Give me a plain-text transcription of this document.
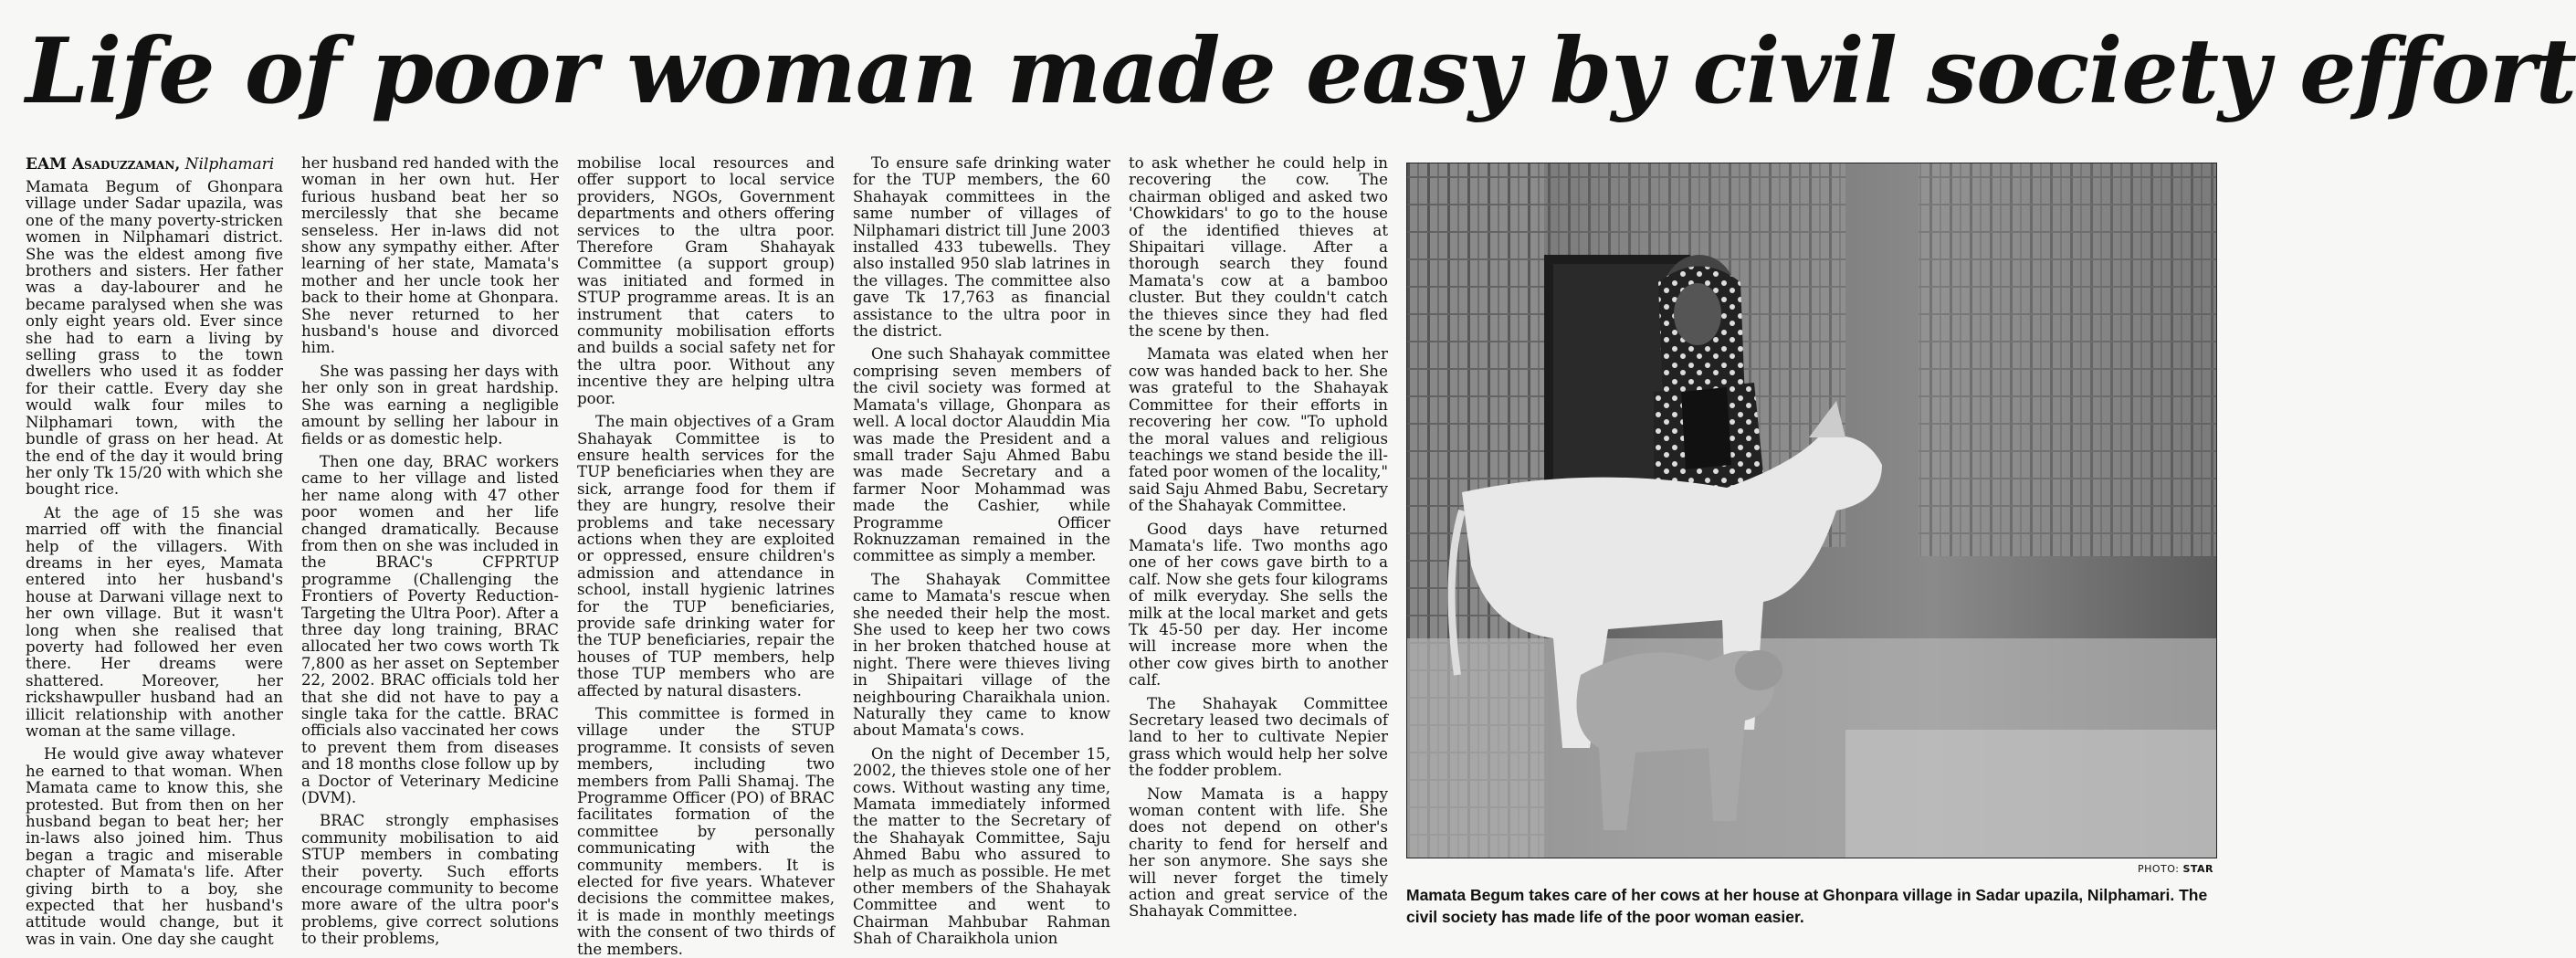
Life of poor woman made easy by civil society effort
EAM Asaduzzaman, Nilphamari

Mamata Begum of Ghonpara village under Sadar upazila, was one of the many poverty-stricken women in Nilphamari district. She was the eldest among five brothers and sisters. Her father was a day-labourer and he became paralysed when she was only eight years old. Ever since she had to earn a living by selling grass to the town dwellers who used it as fodder for their cattle. Every day she would walk four miles to Nilphamari town, with the bundle of grass on her head. At the end of the day it would bring her only Tk 15/20 with which she bought rice.

At the age of 15 she was married off with the financial help of the villagers. With dreams in her eyes, Mamata entered into her husband's house at Darwani village next to her own village. But it wasn't long when she realised that poverty had followed her even there. Her dreams were shattered. Moreover, her rickshawpuller husband had an illicit relationship with another woman at the same village.

He would give away whatever he earned to that woman. When Mamata came to know this, she protested. But from then on her husband began to beat her; her in-laws also joined him. Thus began a tragic and miserable chapter of Mamata's life. After giving birth to a boy, she expected that her husband's attitude would change, but it was in vain. One day she caught

her husband red handed with the woman in her own hut. Her furious husband beat her so mercilessly that she became senseless. Her in-laws did not show any sympathy either. After learning of her state, Mamata's mother and her uncle took her back to their home at Ghonpara. She never returned to her husband's house and divorced him.

She was passing her days with her only son in great hardship. She was earning a negligible amount by selling her labour in fields or as domestic help.

Then one day, BRAC workers came to her village and listed her name along with 47 other poor women and her life changed dramatically. Because from then on she was included in the BRAC's CFPRTUP programme (Challenging the Frontiers of Poverty Reduction-Targeting the Ultra Poor). After a three day long training, BRAC allocated her two cows worth Tk 7,800 as her asset on September 22, 2002. BRAC officials told her that she did not have to pay a single taka for the cattle. BRAC officials also vaccinated her cows to prevent them from diseases and 18 months close follow up by a Doctor of Veterinary Medicine (DVM).

BRAC strongly emphasises community mobilisation to aid STUP members in combating their poverty. Such efforts encourage community to become more aware of the ultra poor's problems, give correct solutions to their problems,

mobilise local resources and offer support to local service providers, NGOs, Government departments and others offering services to the ultra poor. Therefore Gram Shahayak Committee (a support group) was initiated and formed in STUP programme areas. It is an instrument that caters to community mobilisation efforts and builds a social safety net for the ultra poor. Without any incentive they are helping ultra poor.

The main objectives of a Gram Shahayak Committee is to ensure health services for the TUP beneficiaries when they are sick, arrange food for them if they are hungry, resolve their problems and take necessary actions when they are exploited or oppressed, ensure children's admission and attendance in school, install hygienic latrines for the TUP beneficiaries, provide safe drinking water for the TUP beneficiaries, repair the houses of TUP members, help those TUP members who are affected by natural disasters.

This committee is formed in village under the STUP programme. It consists of seven members, including two members from Palli Shamaj. The Programme Officer (PO) of BRAC facilitates formation of the committee by personally communicating with the community members. It is elected for five years. Whatever decisions the committee makes, it is made in monthly meetings with the consent of two thirds of the members.

To ensure safe drinking water for the TUP members, the 60 Shahayak committees in the same number of villages of Nilphamari district till June 2003 installed 433 tubewells. They also installed 950 slab latrines in the villages. The committee also gave Tk 17,763 as financial assistance to the ultra poor in the district.

One such Shahayak committee comprising seven members of the civil society was formed at Mamata's village, Ghonpara as well. A local doctor Alauddin Mia was made the President and a small trader Saju Ahmed Babu was made Secretary and a farmer Noor Mohammad was made the Cashier, while Programme Officer Roknuzzaman remained in the committee as simply a member.

The Shahayak Committee came to Mamata's rescue when she needed their help the most. She used to keep her two cows in her broken thatched house at night. There were thieves living in Shipaitari village of the neighbouring Charaikhala union. Naturally they came to know about Mamata's cows.

On the night of December 15, 2002, the thieves stole one of her cows. Without wasting any time, Mamata immediately informed the matter to the Secretary of the Shahayak Committee, Saju Ahmed Babu who assured to help as much as possible. He met other members of the Shahayak Committee and went to Chairman Mahbubar Rahman Shah of Charaikhola union

to ask whether he could help in recovering the cow. The chairman obliged and asked two 'Chowkidars' to go to the house of the identified thieves at Shipaitari village. After a thorough search they found Mamata's cow at a bamboo cluster. But they couldn't catch the thieves since they had fled the scene by then.

Mamata was elated when her cow was handed back to her. She was grateful to the Shahayak Committee for their efforts in recovering her cow. "To uphold the moral values and religious teachings we stand beside the ill-fated poor women of the locality," said Saju Ahmed Babu, Secretary of the Shahayak Committee.

Good days have returned Mamata's life. Two months ago one of her cows gave birth to a calf. Now she gets four kilograms of milk everyday. She sells the milk at the local market and gets Tk 45-50 per day. Her income will increase more when the other cow gives birth to another calf.

The Shahayak Committee Secretary leased two decimals of land to her to cultivate Nepier grass which would help her solve the fodder problem.

Now Mamata is a happy woman content with life. She does not depend on other's charity to fend for herself and her son anymore. She says she will never forget the timely action and great service of the Shahayak Committee.

PHOTO: STAR
Mamata Begum takes care of her cows at her house at Ghonpara village in Sadar upazila, Nilphamari. The civil society has made life of the poor woman easier.
